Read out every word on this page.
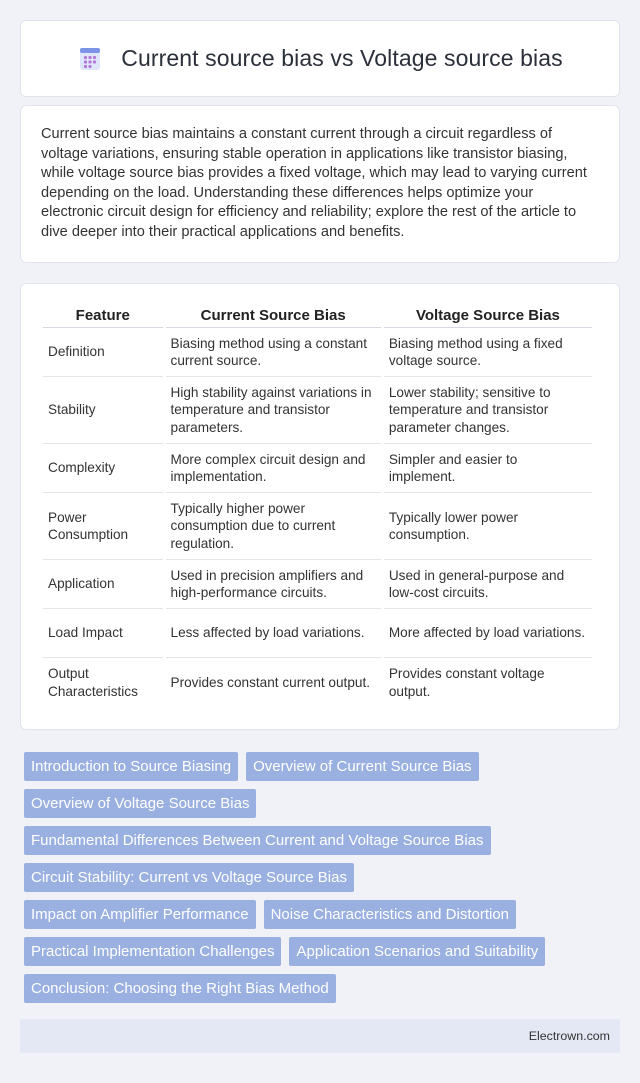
Current source bias vs Voltage source bias

Current source bias maintains a constant current through a circuit regardless of voltage variations, ensuring stable operation in applications like transistor biasing, while voltage source bias provides a fixed voltage, which may lead to varying current depending on the load. Understanding these differences helps optimize your electronic circuit design for efficiency and reliability; explore the rest of the article to dive deeper into their practical applications and benefits.

Feature	Current Source Bias	Voltage Source Bias
Definition	Biasing method using a constant current source.	Biasing method using a fixed voltage source.
Stability	High stability against variations in temperature and transistor parameters.	Lower stability; sensitive to temperature and transistor parameter changes.
Complexity	More complex circuit design and implementation.	Simpler and easier to implement.
Power Consumption	Typically higher power consumption due to current regulation.	Typically lower power consumption.
Application	Used in precision amplifiers and high-performance circuits.	Used in general-purpose and low-cost circuits.
Load Impact	Less affected by load variations.	More affected by load variations.
Output Characteristics	Provides constant current output.	Provides constant voltage output.
Introduction to Source Biasing	Overview of Current Source Bias
Overview of Voltage Source Bias
Fundamental Differences Between Current and Voltage Source Bias
Circuit Stability: Current vs Voltage Source Bias
Impact on Amplifier Performance	Noise Characteristics and Distortion
Practical Implementation Challenges	Application Scenarios and Suitability
Conclusion: Choosing the Right Bias Method
Electrown.com
